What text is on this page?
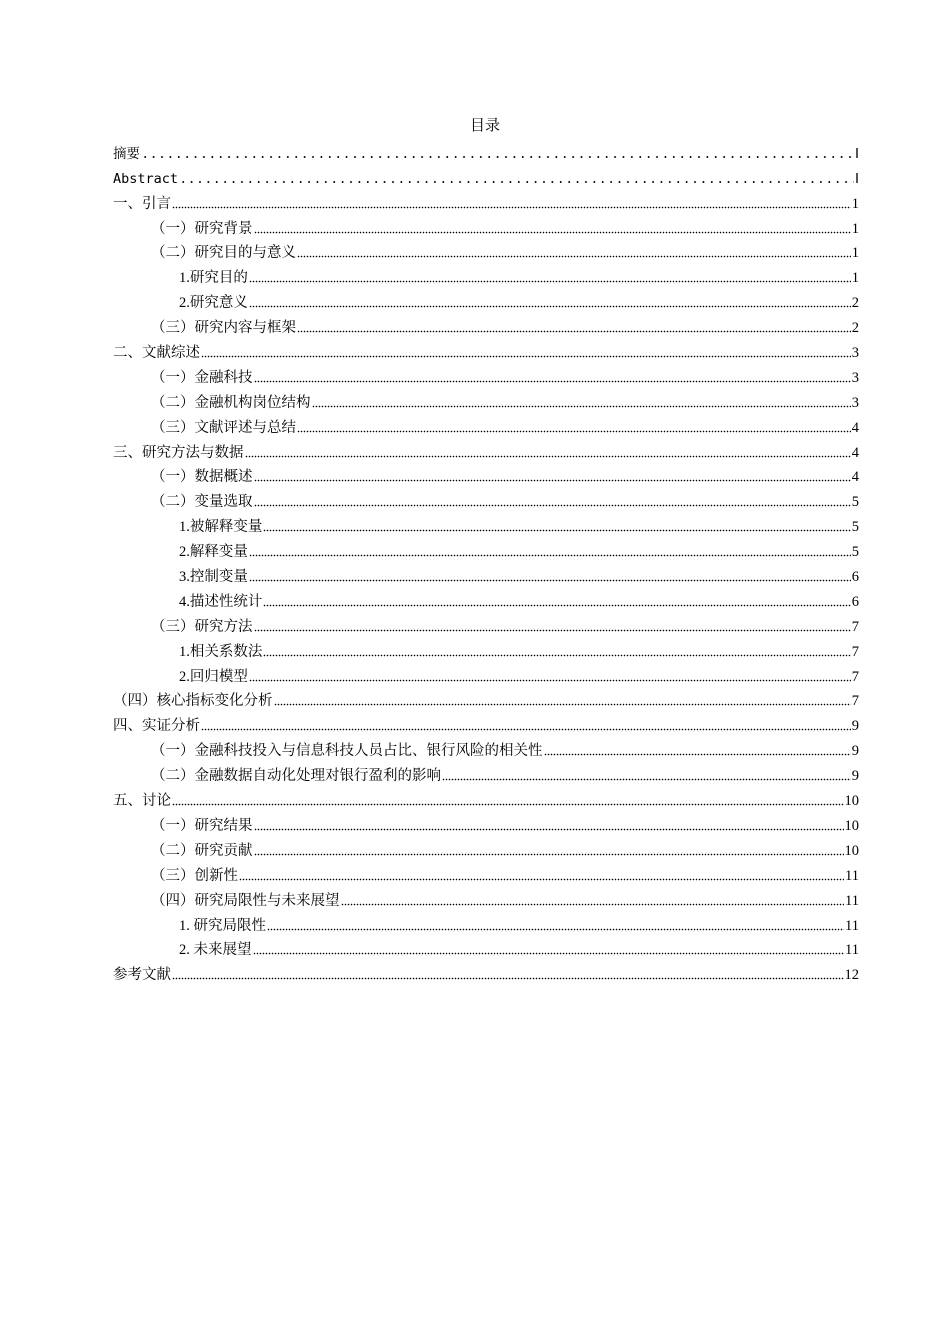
目录
摘要	Ⅰ
Abstract	Ⅰ
一、引言	1
（一）研究背景	1
（二）研究目的与意义	1
1.研究目的	1
2.研究意义	2
（三）研究内容与框架	2
二、文献综述	3
（一）金融科技	3
（二）金融机构岗位结构	3
（三）文献评述与总结	4
三、研究方法与数据	4
（一）数据概述	4
（二）变量选取	5
1.被解释变量	5
2.解释变量	5
3.控制变量	6
4.描述性统计	6
（三）研究方法	7
1.相关系数法	7
2.回归模型	7
（四）核心指标变化分析	7
四、实证分析	9
（一）金融科技投入与信息科技人员占比、银行风险的相关性	9
（二）金融数据自动化处理对银行盈利的影响	9
五、讨论	10
（一）研究结果	10
（二）研究贡献	10
（三）创新性	11
（四）研究局限性与未来展望	11
1. 研究局限性	11
2. 未来展望	11
参考文献	12
